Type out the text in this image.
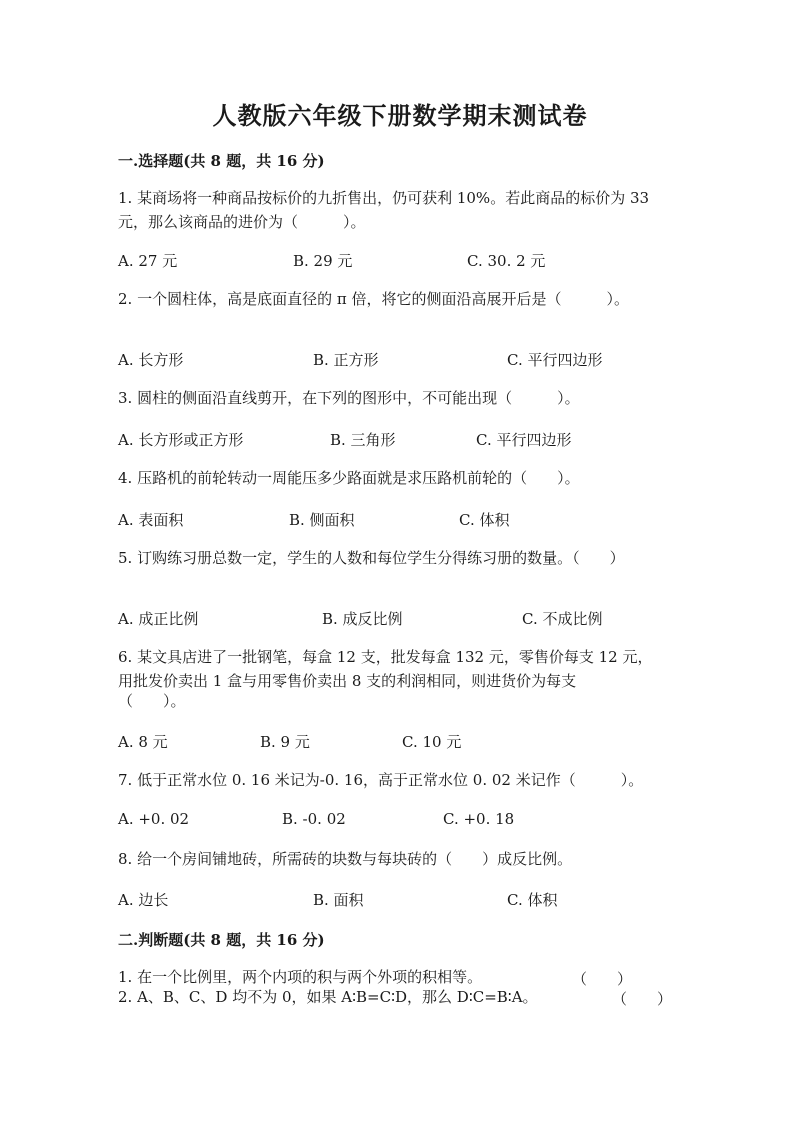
人教版六年级下册数学期末测试卷
一.选择题(共 8 题，共 16 分)
1. 某商场将一种商品按标价的九折售出，仍可获利 10%。若此商品的标价为 33
元，那么该商品的进价为（　　　）。
A. 27 元	B. 29 元	C. 30. 2 元
2. 一个圆柱体，高是底面直径的 π 倍，将它的侧面沿高展开后是（　　　）。
A. 长方形	B. 正方形	C. 平行四边形
3. 圆柱的侧面沿直线剪开，在下列的图形中，不可能出现（　　　）。
A. 长方形或正方形	B. 三角形	C. 平行四边形
4. 压路机的前轮转动一周能压多少路面就是求压路机前轮的（　　）。
A. 表面积	B. 侧面积	C. 体积
5. 订购练习册总数一定，学生的人数和每位学生分得练习册的数量。（　　）
A. 成正比例	B. 成反比例	C. 不成比例
6. 某文具店进了一批钢笔，每盒 12 支，批发每盒 132 元，零售价每支 12 元，
用批发价卖出 1 盒与用零售价卖出 8 支的利润相同，则进货价为每支
（　　）。
A. 8 元	B. 9 元	C. 10 元
7. 低于正常水位 0. 16 米记为-0. 16，高于正常水位 0. 02 米记作（　　　）。
A. +0. 02	B. -0. 02	C. +0. 18
8. 给一个房间铺地砖，所需砖的块数与每块砖的（　　）成反比例。
A. 边长	B. 面积	C. 体积
二.判断题(共 8 题，共 16 分)
1. 在一个比例里，两个内项的积与两个外项的积相等。	（　　）
2. A、B、C、D 均不为 0，如果 A∶B=C∶D，那么 D∶C=B∶A。	（　　）
